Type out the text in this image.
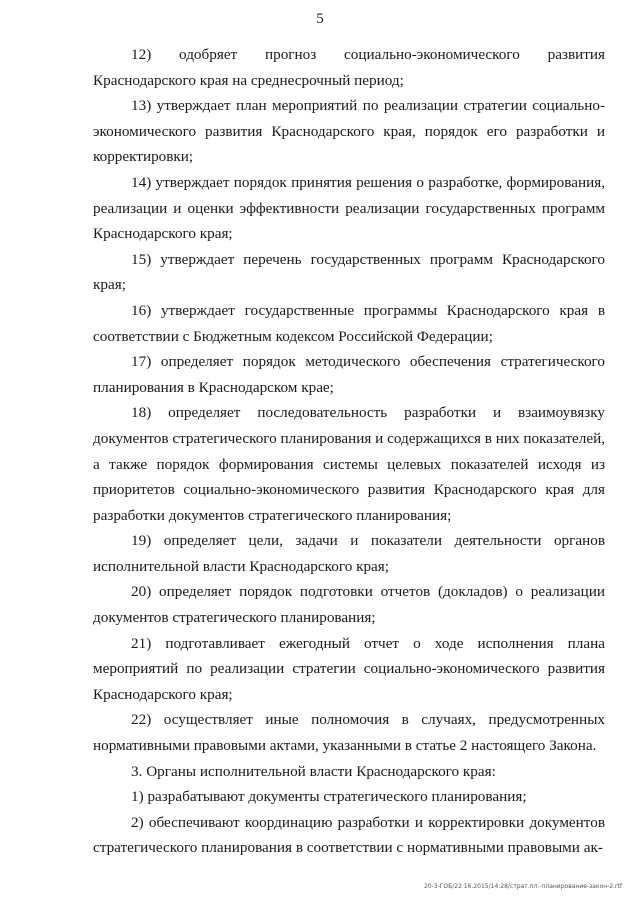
5

12) одобряет прогноз социально-экономического развития Краснодарского края на среднесрочный период;

13) утверждает план мероприятий по реализации стратегии социально-экономического развития Краснодарского края, порядок его разработки и корректировки;

14) утверждает порядок принятия решения о разработке, формирования, реализации и оценки эффективности реализации государственных программ Краснодарского края;

15) утверждает перечень государственных программ Краснодарского края;

16) утверждает государственные программы Краснодарского края в соответствии с Бюджетным кодексом Российской Федерации;

17) определяет порядок методического обеспечения стратегического планирования в Краснодарском крае;

18) определяет последовательность разработки и взаимоувязку документов стратегического планирования и содержащихся в них показателей, а также порядок формирования системы целевых показателей исходя из приоритетов социально-экономического развития Краснодарского края для разработки документов стратегического планирования;

19) определяет цели, задачи и показатели деятельности органов исполнительной власти Краснодарского края;

20) определяет порядок подготовки отчетов (докладов) о реализации документов стратегического планирования;

21) подготавливает ежегодный отчет о ходе исполнения плана мероприятий по реализации стратегии социально-экономического развития Краснодарского края;

22) осуществляет иные полномочия в случаях, предусмотренных нормативными правовыми актами, указанными в статье 2 настоящего Закона.

3. Органы исполнительной власти Краснодарского края:

1) разрабатывают документы стратегического планирования;

2) обеспечивают координацию разработки и корректировки документов стратегического планирования в соответствии с нормативными правовыми ак-

20-3-ГОБ/22 16.2015/14:28/страт.пл.-планирование-закон-2.rtf
